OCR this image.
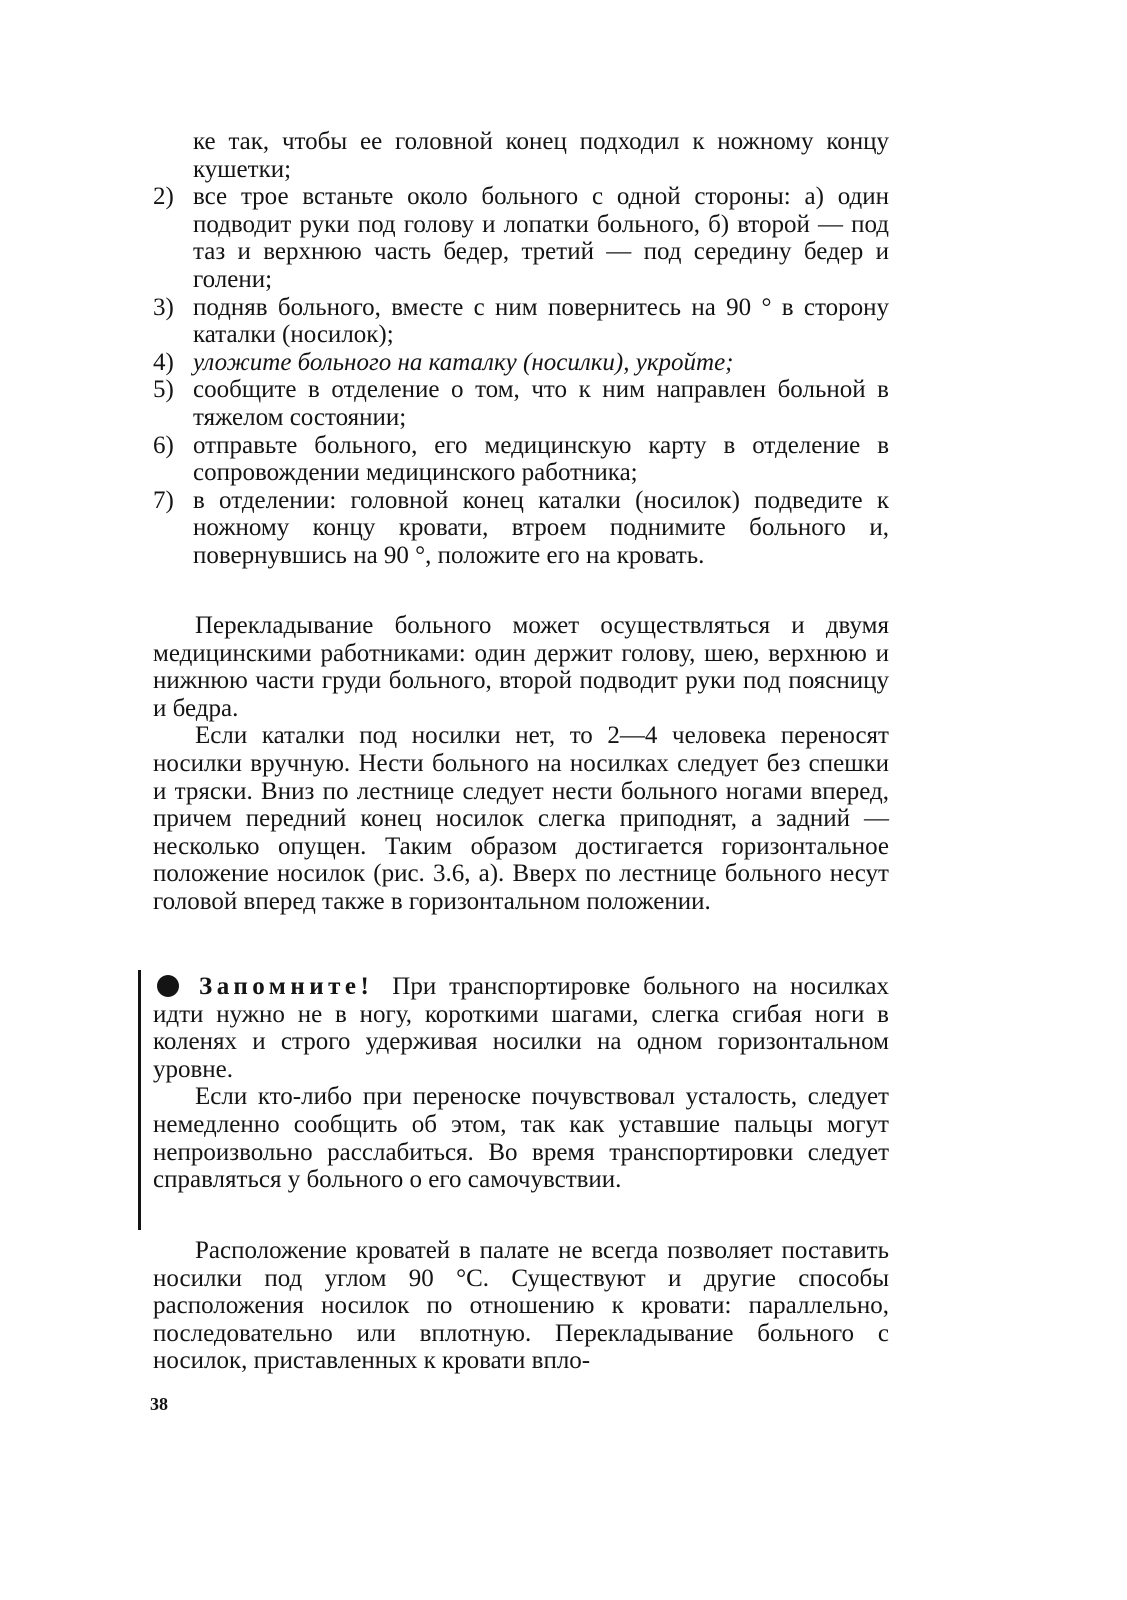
ке так, чтобы ее головной конец подходил к ножному концу кушетки;

2) все трое встаньте около больного с одной стороны: а) один подводит руки под голову и лопатки больного, б) второй — под таз и верхнюю часть бедер, третий — под середину бедер и голени;
3) подняв больного, вместе с ним повернитесь на 90 ° в сторону каталки (носилок);
4) уложите больного на каталку (носилки), укройте;
5) сообщите в отделение о том, что к ним направлен больной в тяжелом состоянии;
6) отправьте больного, его медицинскую карту в отделение в сопровождении медицинского работника;
7) в отделении: головной конец каталки (носилок) подведите к ножному концу кровати, втроем поднимите больного и, повернувшись на 90 °, положите его на кровать.

Перекладывание больного может осуществляться и двумя медицинскими работниками: один держит голову, шею, верхнюю и нижнюю части груди больного, второй подводит руки под поясницу и бедра.

Если каталки под носилки нет, то 2—4 человека переносят носилки вручную. Нести больного на носилках следует без спешки и тряски. Вниз по лестнице следует нести больного ногами вперед, причем передний конец носилок слегка приподнят, а задний — несколько опущен. Таким образом достигается горизонтальное положение носилок (рис. 3.6, а). Вверх по лестнице больного несут головой вперед также в горизонтальном положении.

Запомните! При транспортировке больного на носилках идти нужно не в ногу, короткими шагами, слегка сгибая ноги в коленях и строго удерживая носилки на одном горизонтальном уровне.

Если кто-либо при переноске почувствовал усталость, следует немедленно сообщить об этом, так как уставшие пальцы могут непроизвольно расслабиться. Во время транспортировки следует справляться у больного о его самочувствии.

Расположение кроватей в палате не всегда позволяет поставить носилки под углом 90 °С. Существуют и другие способы расположения носилок по отношению к кровати: параллельно, последовательно или вплотную. Перекладывание больного с носилок, приставленных к кровати впло-

38
